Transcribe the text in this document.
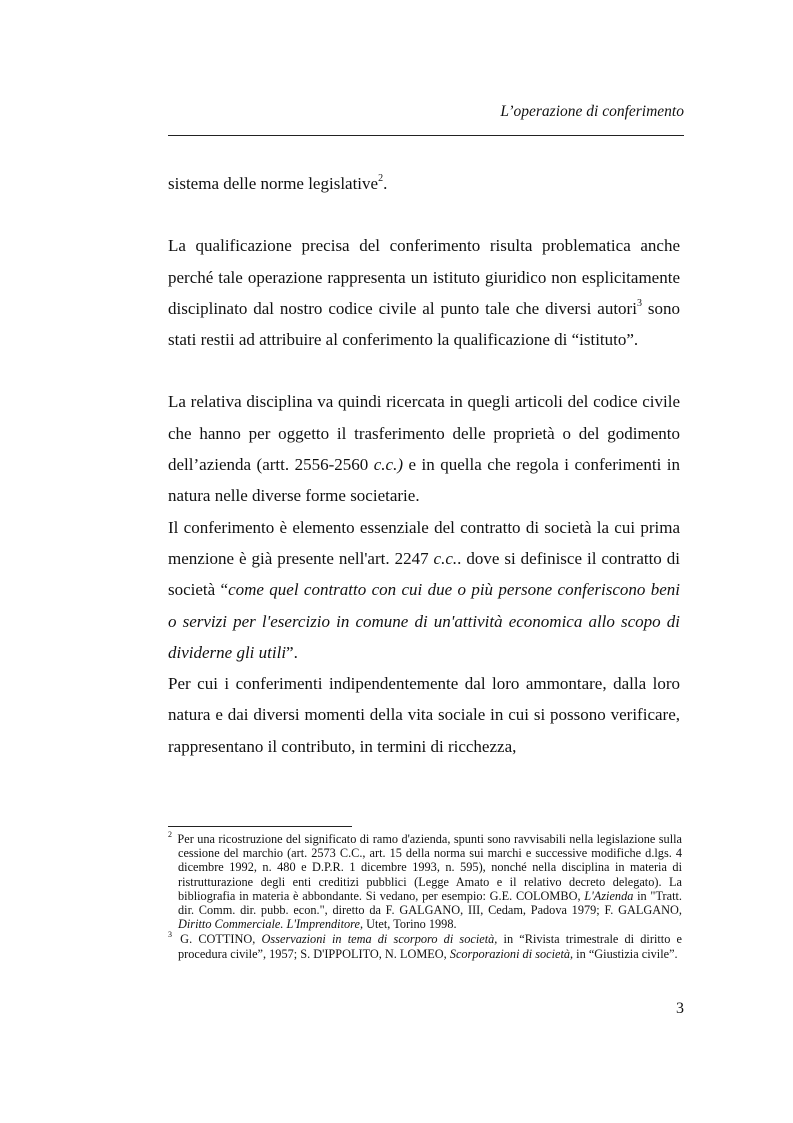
L’operazione di conferimento

sistema delle norme legislative$^2$.

La qualificazione precisa del conferimento risulta problematica anche perché tale operazione rappresenta un istituto giuridico non esplicitamente disciplinato dal nostro codice civile al punto tale che diversi autori$^3$ sono stati restii ad attribuire al conferimento la qualificazione di “istituto”.

La relativa disciplina va quindi ricercata in quegli articoli del codice civile che hanno per oggetto il trasferimento delle proprietà o del godimento dell’azienda (artt. 2556-2560 c.c.) e in quella che regola i conferimenti in natura nelle diverse forme societarie.

Il conferimento è elemento essenziale del contratto di società la cui prima menzione è già presente nell'art. 2247 c.c.. dove si definisce il contratto di società “come quel contratto con cui due o più persone conferiscono beni o servizi per l'esercizio in comune di un'attività economica allo scopo di dividerne gli utili”.

Per cui i conferimenti indipendentemente dal loro ammontare, dalla loro natura e dai diversi momenti della vita sociale in cui si possono verificare, rappresentano il contributo, in termini di ricchezza,

$^2$ Per una ricostruzione del significato di ramo d'azienda, spunti sono ravvisabili nella legislazione sulla cessione del marchio (art. 2573 C.C., art. 15 della norma sui marchi e successive modifiche d.lgs. 4 dicembre 1992, n. 480 e D.P.R. 1 dicembre 1993, n. 595), nonché nella disciplina in materia di ristrutturazione degli enti creditizi pubblici (Legge Amato e il relativo decreto delegato). La bibliografia in materia è abbondante. Si vedano, per esempio: G.E. COLOMBO, L'Azienda in "Tratt. dir. Comm. dir. pubb. econ.", diretto da F. GALGANO, III, Cedam, Padova 1979; F. GALGANO, Diritto Commerciale. L'Imprenditore, Utet, Torino 1998.

$^3$ G. COTTINO, Osservazioni in tema di scorporo di società, in “Rivista trimestrale di diritto e procedura civile”, 1957; S. D'IPPOLITO, N. LOMEO, Scorporazioni di società, in “Giustizia civile”.

3
